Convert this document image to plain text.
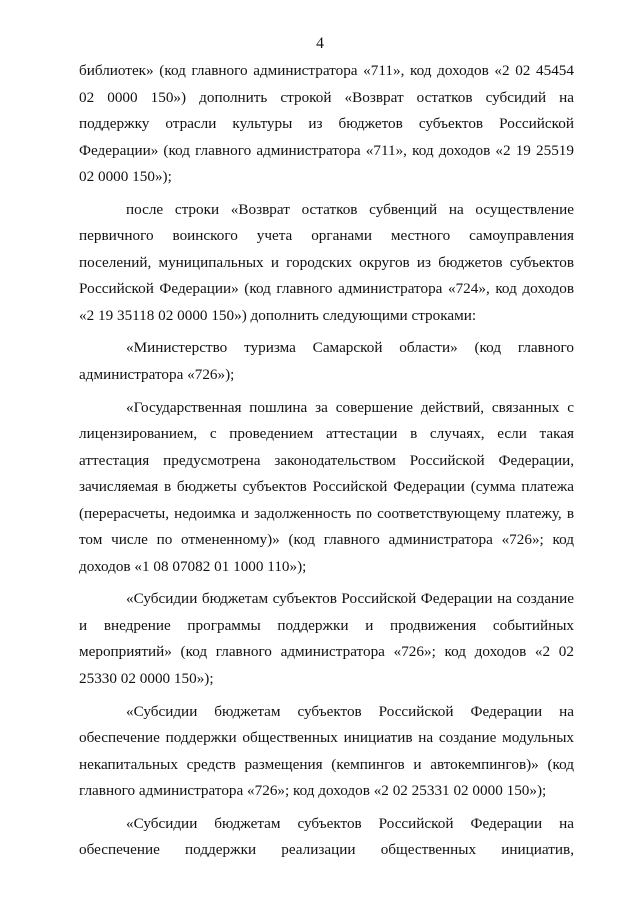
4

библиотек» (код главного администратора «711», код доходов «2 02 45454 02 0000 150») дополнить строкой «Возврат остатков субсидий на поддержку отрасли культуры из бюджетов субъектов Российской Федерации» (код главного администратора «711», код доходов «2 19 25519 02 0000 150»);

после строки «Возврат остатков субвенций на осуществление первичного воинского учета органами местного самоуправления поселений, муниципальных и городских округов из бюджетов субъектов Российской Федерации» (код главного администратора «724», код доходов «2 19 35118 02 0000 150») дополнить следующими строками:

«Министерство туризма Самарской области» (код главного администратора «726»);

«Государственная пошлина за совершение действий, связанных с лицензированием, с проведением аттестации в случаях, если такая аттестация предусмотрена законодательством Российской Федерации, зачисляемая в бюджеты субъектов Российской Федерации (сумма платежа (перерасчеты, недоимка и задолженность по соответствующему платежу, в том числе по отмененному)» (код главного администратора «726»; код доходов «1 08 07082 01 1000 110»);

«Субсидии бюджетам субъектов Российской Федерации на создание и внедрение программы поддержки и продвижения событийных мероприятий» (код главного администратора «726»; код доходов «2 02 25330 02 0000 150»);

«Субсидии бюджетам субъектов Российской Федерации на обеспечение поддержки общественных инициатив на создание модульных некапитальных средств размещения (кемпингов и автокемпингов)» (код главного администратора «726»; код доходов «2 02 25331 02 0000 150»);

«Субсидии бюджетам субъектов Российской Федерации на обеспечение поддержки реализации общественных инициатив,
